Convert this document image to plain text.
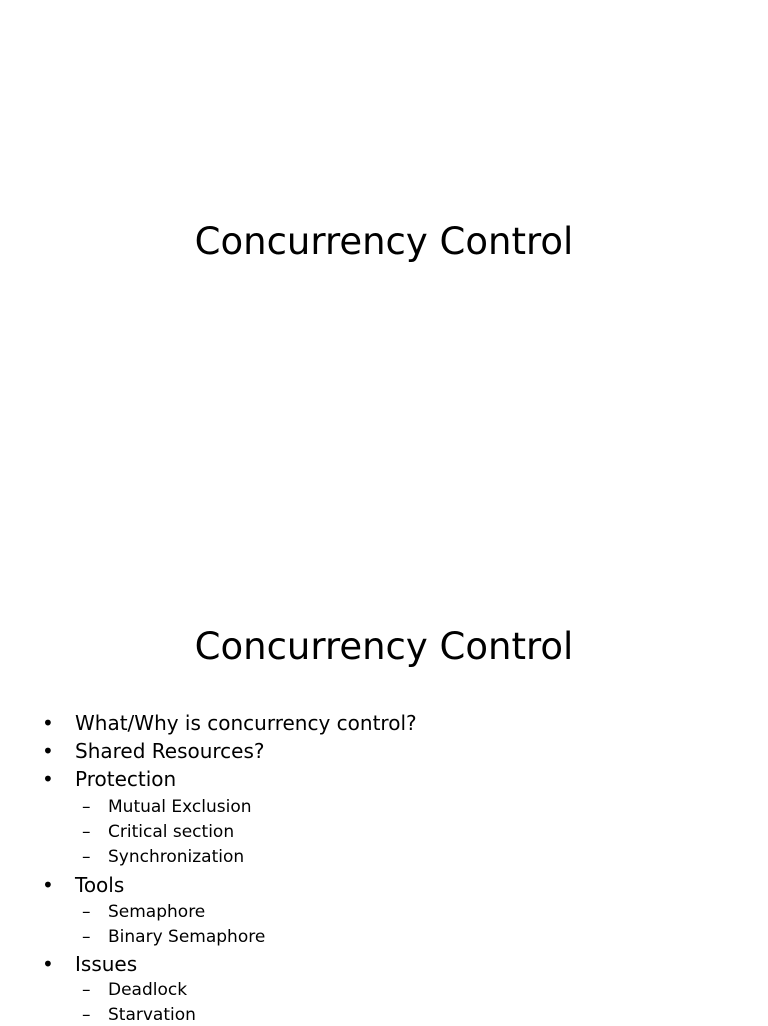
Concurrency Control
Concurrency Control
• What/Why is concurrency control?
• Shared Resources?
• Protection
– Mutual Exclusion
– Critical section
– Synchronization
• Tools
– Semaphore
– Binary Semaphore
• Issues
– Deadlock
– Starvation
